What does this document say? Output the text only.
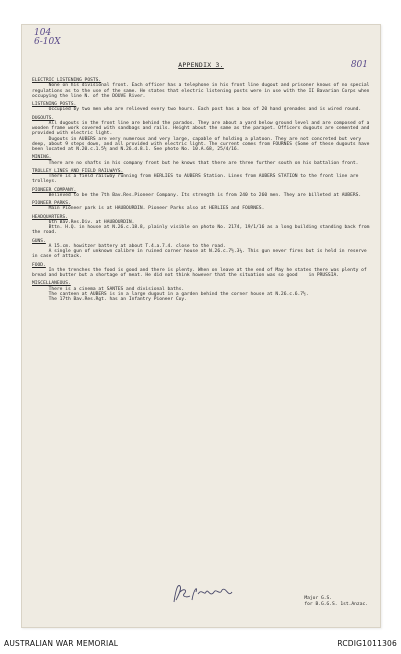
104
6-10X
801
APPENDIX 3.
ELECTRIC LISTENING POSTS.
None on his divisional front. Each officer has a telephone in his front line dugout and prisoner knows of no special regulations as to the use of the same. He states that electric listening posts were in use with the II Bavarian Corps when occupying the line N. of the DOUVE River.
LISTENING POSTS.
Occupied by two men who are relieved every two hours. Each post has a box of 20 hand grenades and is wired round.
DUGOUTS.
All dugouts in the front line are behind the parados. They are about a yard below ground level and are composed of a wooden frame work covered with sandbags and rails. Height about the same as the parapet. Officers dugouts are cemented and provided with electric light.
Dugouts in AUBERS are very numerous and very large, capable of holding a platoon. They are not concreted but very deep, about 9 steps down, and all provided with electric light. The current comes from FOURNES (Some of these dugouts have been located at N.20.c.1.5½ and N.26.d.8.1. See photo No. 10.A.68, 25/4/16.
MINING.
There are no shafts in his company front but he knows that there are three further south on his battalion front.
TROLLEY LINES AND FIELD RAILWAYS.
There is a field railway running from HERLIES to AUBERS Station. Lines from AUBERS STATION to the front line are trolleys.
PIONEER COMPANY.
Believed to be the 7th Bav.Res.Pioneer Company. Its strength is from 240 to 260 men. They are billeted at AUBERS.
PIONEER PARKS.
Main Pioneer park is at HAUBOURDIN. Pioneer Parks also at HERLIES and FOURNES.
HEADQUARTERS.
6th Bav.Res.Div. at HAUBOURDIN.
Bttn. H.Q. in house at N.26.c.18.8, plainly visible on photo No. 2174, 19/1/16 as a long building standing back from the road.
GUNS.
A 15.cm. howitzer battery at about T.4.a.7.4. close to the road.
A single gun of unknown calibre in ruined corner house at N.26.c.7½.3¼. This gun never fires but is held in reserve in case of attack.
FOOD.
In the trenches the food is good and there is plenty. When on leave at the end of May he states there was plenty of bread and butter but a shortage of meat. He did not think however that the situation was so good    in PRUSSIA.
MISCELLANEOUS.
There is a cinema at SANTES and divisional baths.
The canteen at AUBERS is in a large dugout in a garden behind the corner house at N.26.c.6.7½.
The 17th Bav.Res.Rgt. has an Infantry Pioneer Coy.
Major G.S.
for B.G.G.S. 1st.Anzac.
AUSTRALIAN WAR MEMORIAL	RCDIG1011306
